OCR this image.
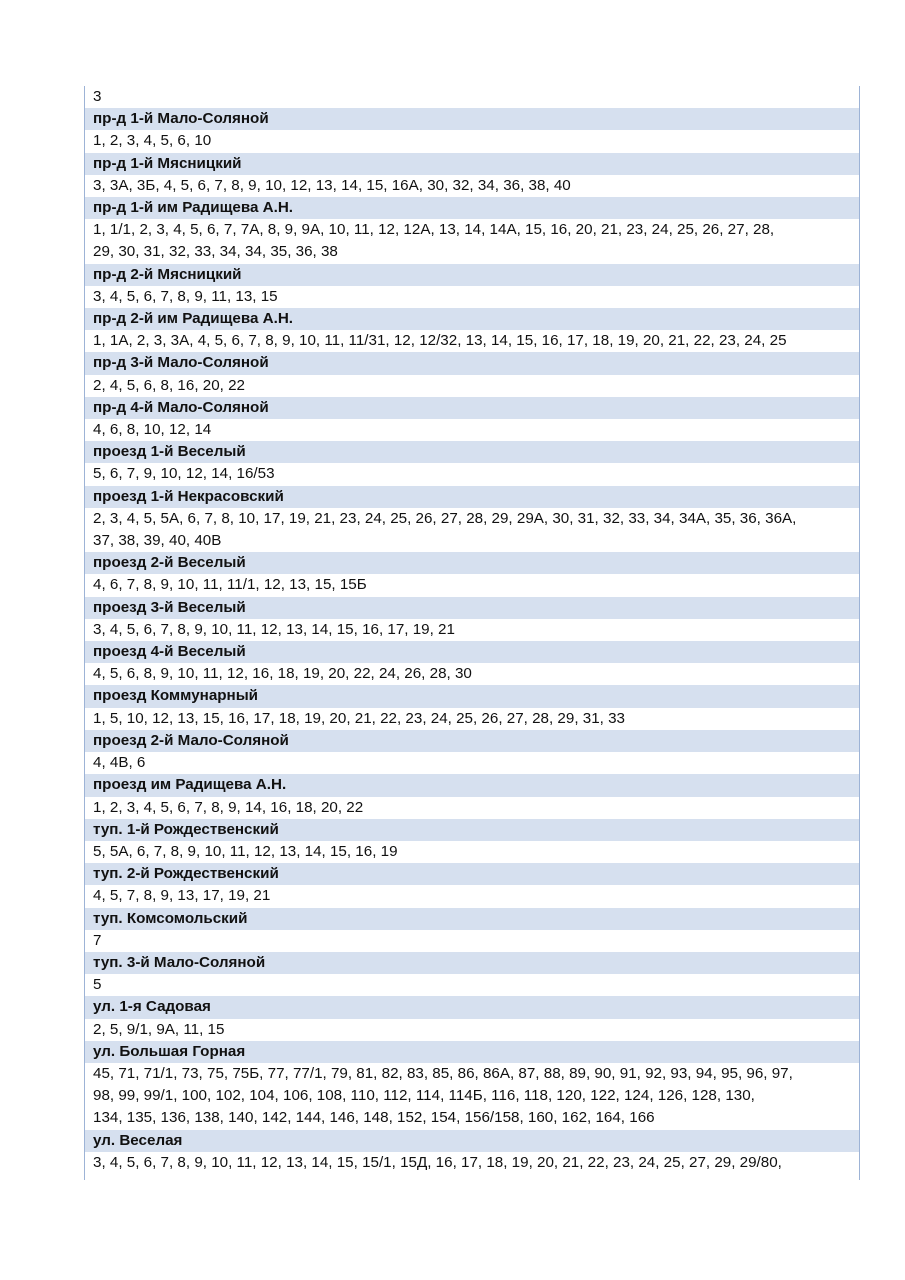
3
пр-д 1-й Мало-Соляной
1, 2, 3, 4, 5, 6, 10
пр-д 1-й Мясницкий
3, 3А, 3Б, 4, 5, 6, 7, 8, 9, 10, 12, 13, 14, 15, 16А, 30, 32, 34, 36, 38, 40
пр-д 1-й им Радищева А.Н.
1, 1/1, 2, 3, 4, 5, 6, 7, 7А, 8, 9, 9А, 10, 11, 12, 12А, 13, 14, 14А, 15, 16, 20, 21, 23, 24, 25, 26, 27, 28,
29, 30, 31, 32, 33, 34, 34, 35, 36, 38
пр-д 2-й Мясницкий
3, 4, 5, 6, 7, 8, 9, 11, 13, 15
пр-д 2-й им Радищева А.Н.
1, 1А, 2, 3, 3А, 4, 5, 6, 7, 8, 9, 10, 11, 11/31, 12, 12/32, 13, 14, 15, 16, 17, 18, 19, 20, 21, 22, 23, 24, 25
пр-д 3-й Мало-Соляной
2, 4, 5, 6, 8, 16, 20, 22
пр-д 4-й Мало-Соляной
4, 6, 8, 10, 12, 14
проезд 1-й Веселый
5, 6, 7, 9, 10, 12, 14, 16/53
проезд 1-й Некрасовский
2, 3, 4, 5, 5А, 6, 7, 8, 10, 17, 19, 21, 23, 24, 25, 26, 27, 28, 29, 29А, 30, 31, 32, 33, 34, 34А, 35, 36, 36А,
37, 38, 39, 40, 40В
проезд 2-й Веселый
4, 6, 7, 8, 9, 10, 11, 11/1, 12, 13, 15, 15Б
проезд 3-й Веселый
3, 4, 5, 6, 7, 8, 9, 10, 11, 12, 13, 14, 15, 16, 17, 19, 21
проезд 4-й Веселый
4, 5, 6, 8, 9, 10, 11, 12, 16, 18, 19, 20, 22, 24, 26, 28, 30
проезд Коммунарный
1, 5, 10, 12, 13, 15, 16, 17, 18, 19, 20, 21, 22, 23, 24, 25, 26, 27, 28, 29, 31, 33
проезд 2-й Мало-Соляной
4, 4В, 6
проезд им Радищева А.Н.
1, 2, 3, 4, 5, 6, 7, 8, 9, 14, 16, 18, 20, 22
туп. 1-й Рождественский
5, 5А, 6, 7, 8, 9, 10, 11, 12, 13, 14, 15, 16, 19
туп. 2-й Рождественский
4, 5, 7, 8, 9, 13, 17, 19, 21
туп. Комсомольский
7
туп. 3-й Мало-Соляной
5
ул. 1-я Садовая
2, 5, 9/1, 9А, 11, 15
ул. Большая Горная
45, 71, 71/1, 73, 75, 75Б, 77, 77/1, 79, 81, 82, 83, 85, 86, 86А, 87, 88, 89, 90, 91, 92, 93, 94, 95, 96, 97,
98, 99, 99/1, 100, 102, 104, 106, 108, 110, 112, 114, 114Б, 116, 118, 120, 122, 124, 126, 128, 130,
134, 135, 136, 138, 140, 142, 144, 146, 148, 152, 154, 156/158, 160, 162, 164, 166
ул. Веселая
3, 4, 5, 6, 7, 8, 9, 10, 11, 12, 13, 14, 15, 15/1, 15Д, 16, 17, 18, 19, 20, 21, 22, 23, 24, 25, 27, 29, 29/80,
